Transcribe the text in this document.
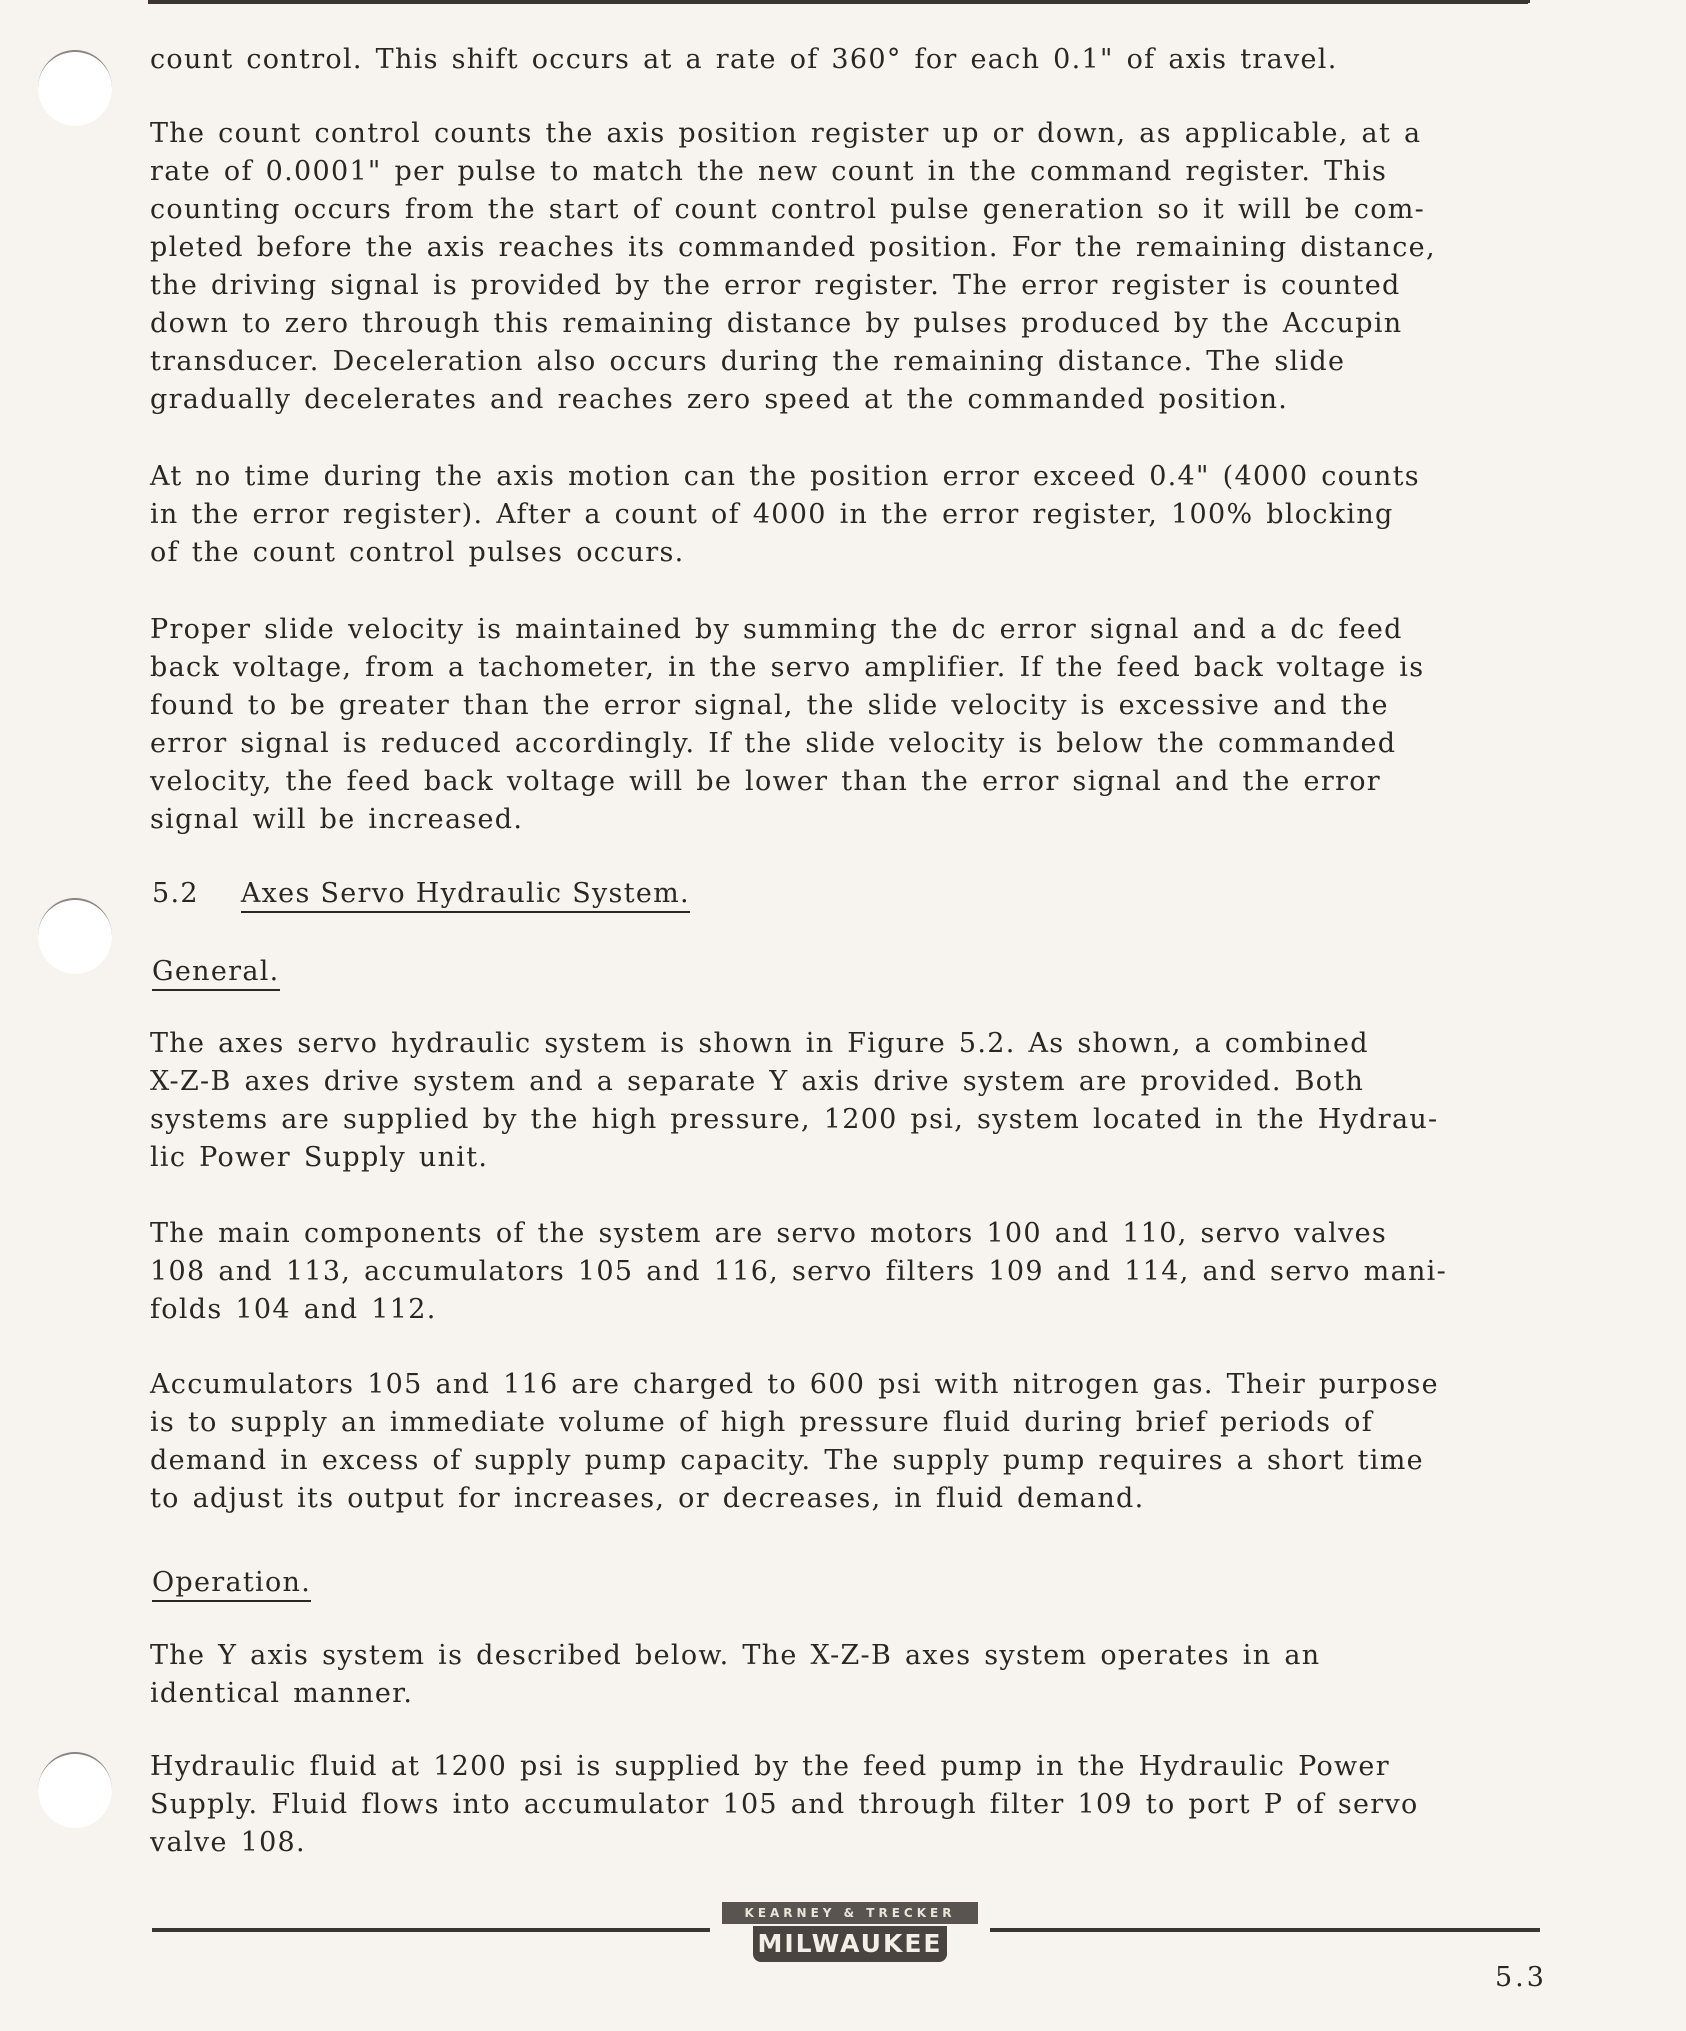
count control. This shift occurs at a rate of 360° for each 0.1" of axis travel.

The count control counts the axis position register up or down, as applicable, at a
rate of 0.0001" per pulse to match the new count in the command register. This
counting occurs from the start of count control pulse generation so it will be com-
pleted before the axis reaches its commanded position. For the remaining distance,
the driving signal is provided by the error register. The error register is counted
down to zero through this remaining distance by pulses produced by the Accupin
transducer. Deceleration also occurs during the remaining distance. The slide
gradually decelerates and reaches zero speed at the commanded position.

At no time during the axis motion can the position error exceed 0.4" (4000 counts
in the error register). After a count of 4000 in the error register, 100% blocking
of the count control pulses occurs.

Proper slide velocity is maintained by summing the dc error signal and a dc feed
back voltage, from a tachometer, in the servo amplifier. If the feed back voltage is
found to be greater than the error signal, the slide velocity is excessive and the
error signal is reduced accordingly. If the slide velocity is below the commanded
velocity, the feed back voltage will be lower than the error signal and the error
signal will be increased.

5.2 Axes Servo Hydraulic System.
General.

The axes servo hydraulic system is shown in Figure 5.2. As shown, a combined
X-Z-B axes drive system and a separate Y axis drive system are provided. Both
systems are supplied by the high pressure, 1200 psi, system located in the Hydrau-
lic Power Supply unit.

The main components of the system are servo motors 100 and 110, servo valves
108 and 113, accumulators 105 and 116, servo filters 109 and 114, and servo mani-
folds 104 and 112.

Accumulators 105 and 116 are charged to 600 psi with nitrogen gas. Their purpose
is to supply an immediate volume of high pressure fluid during brief periods of
demand in excess of supply pump capacity. The supply pump requires a short time
to adjust its output for increases, or decreases, in fluid demand.

Operation.

The Y axis system is described below. The X-Z-B axes system operates in an
identical manner.

Hydraulic fluid at 1200 psi is supplied by the feed pump in the Hydraulic Power
Supply. Fluid flows into accumulator 105 and through filter 109 to port P of servo
valve 108.

KEARNEY & TRECKER
MILWAUKEE
5.3
